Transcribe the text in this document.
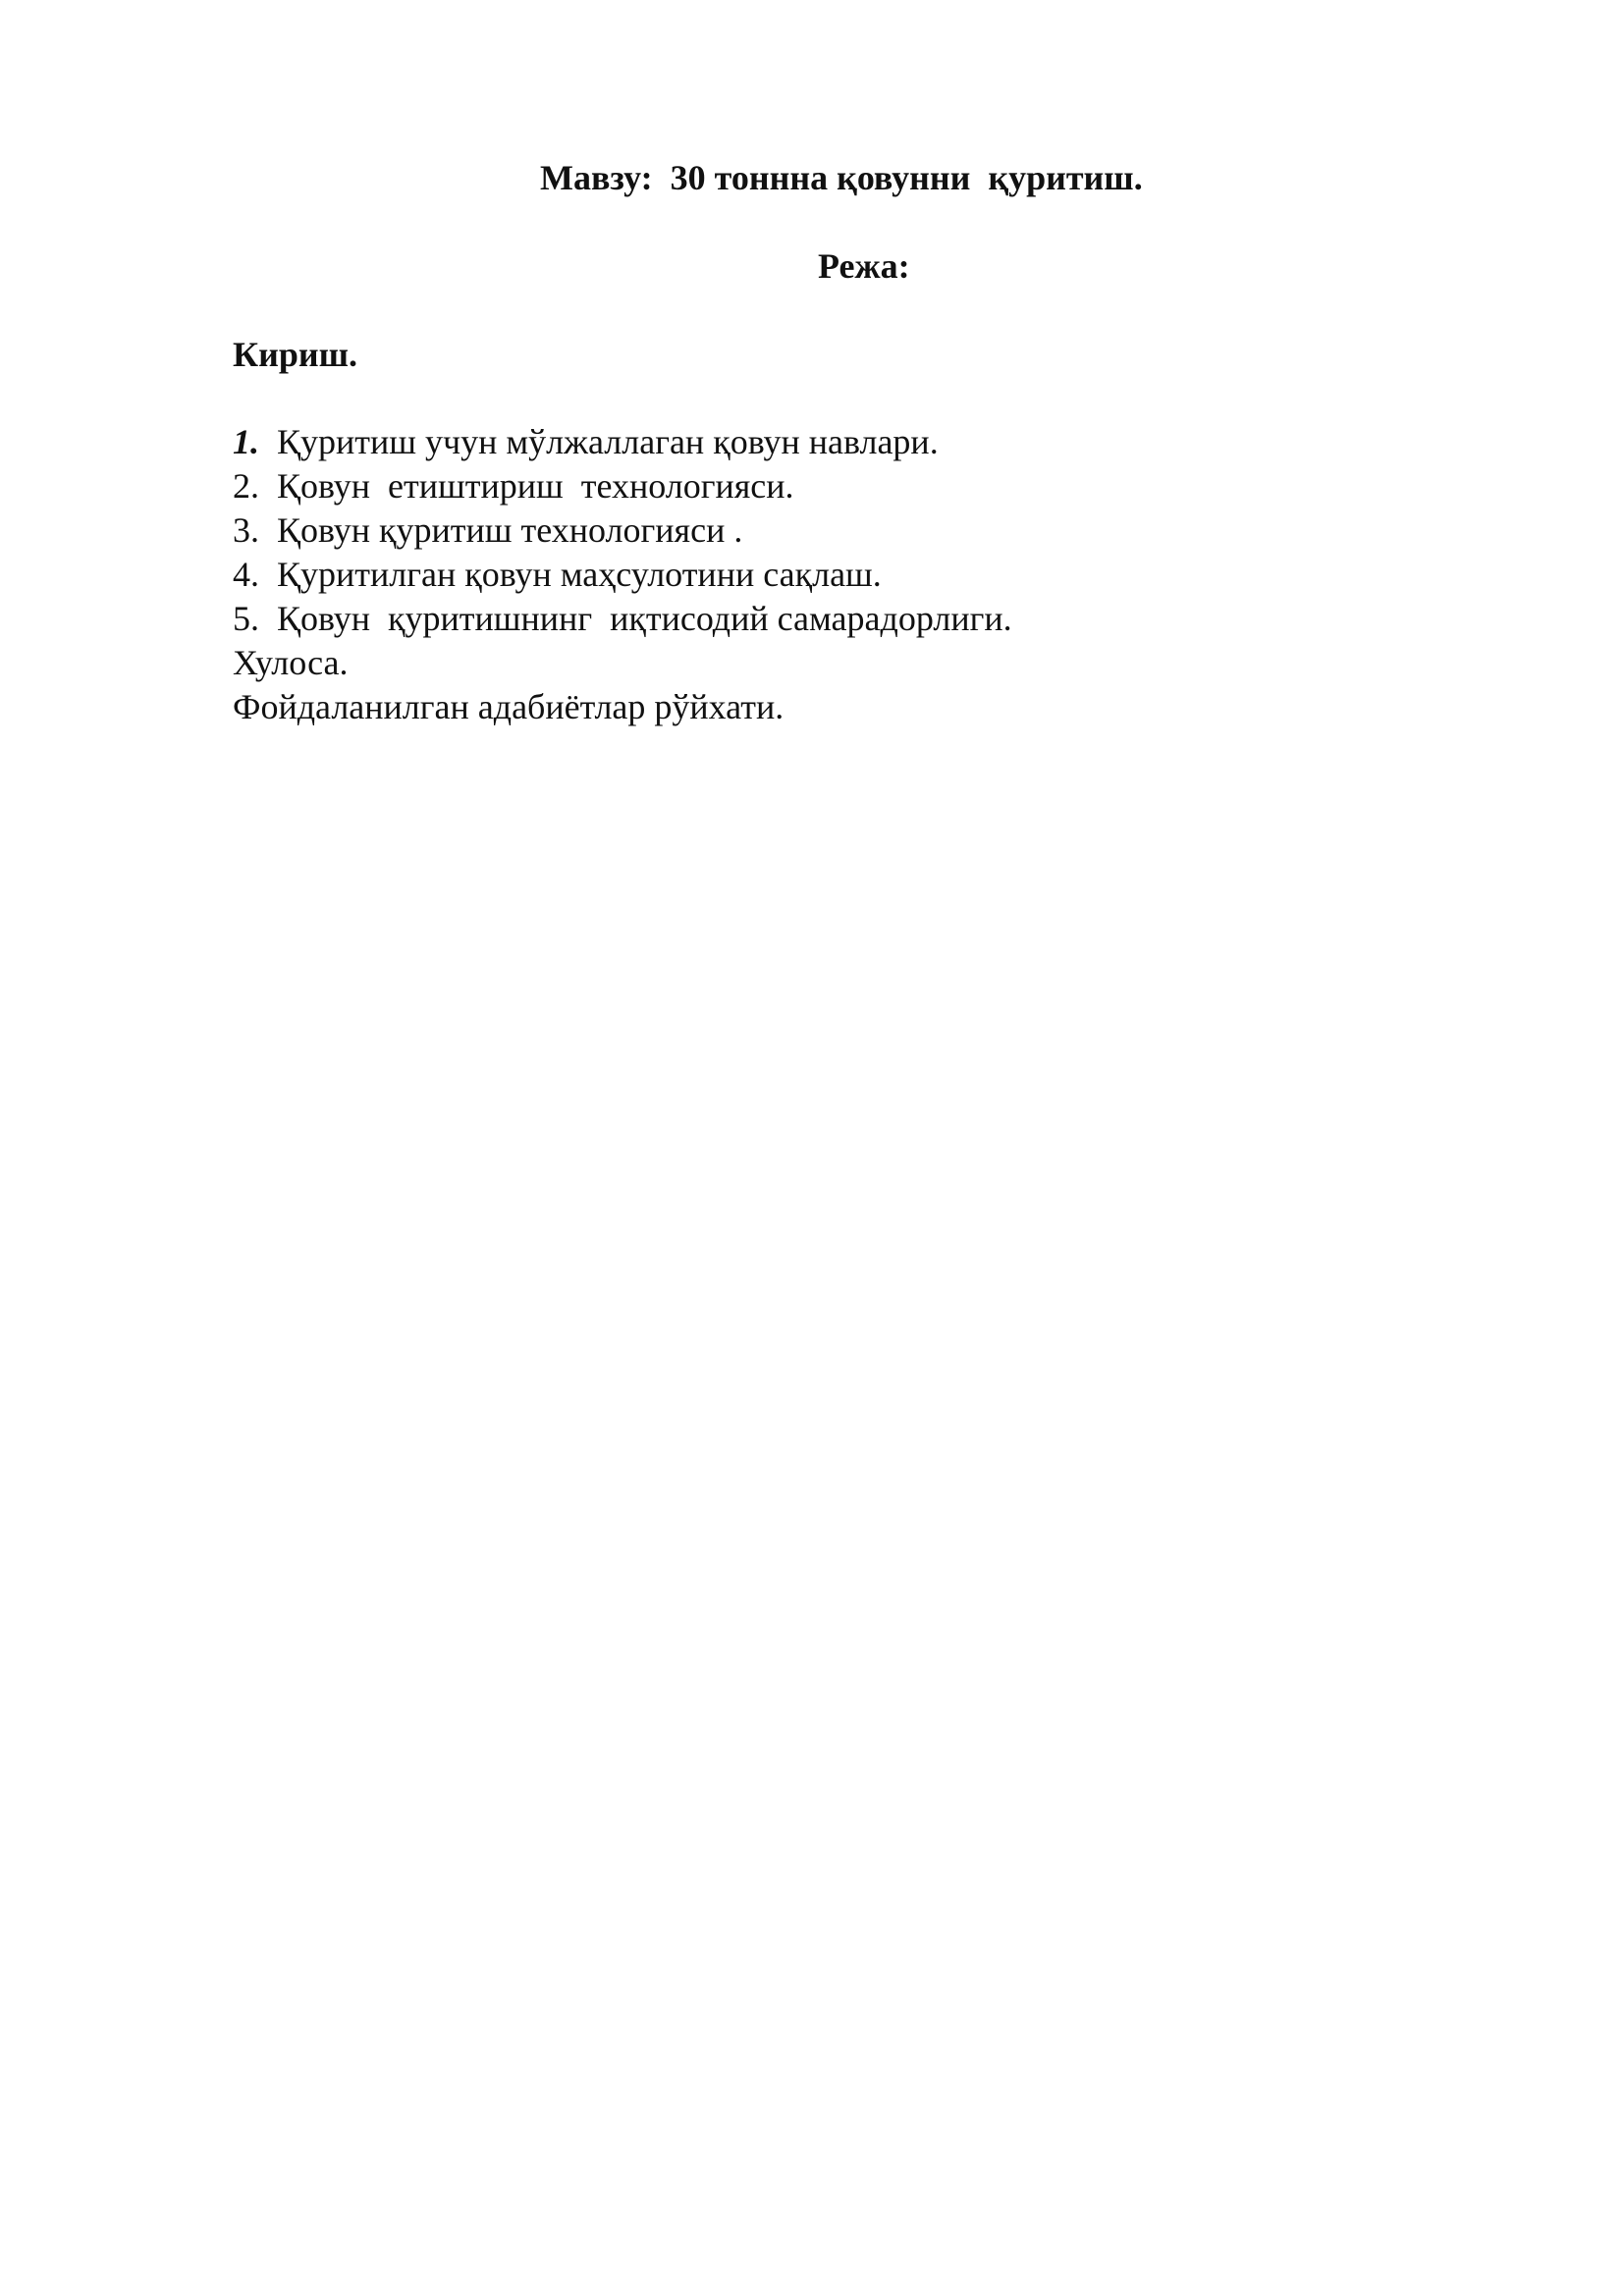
Мавзу:  30 тоннна қовунни  қуритиш.
Режа:
Кириш.
1. Қуритиш учун мўлжаллаган қовун навлари.
2. Қовун  етиштириш  технологияси.
3. Қовун қуритиш технологияси .
4. Қуритилган қовун маҳсулотини сақлаш.
5. Қовун  қуритишнинг  иқтисодий самарадорлиги.
Хулоса.
Фойдаланилган адабиётлар рўйхати.
